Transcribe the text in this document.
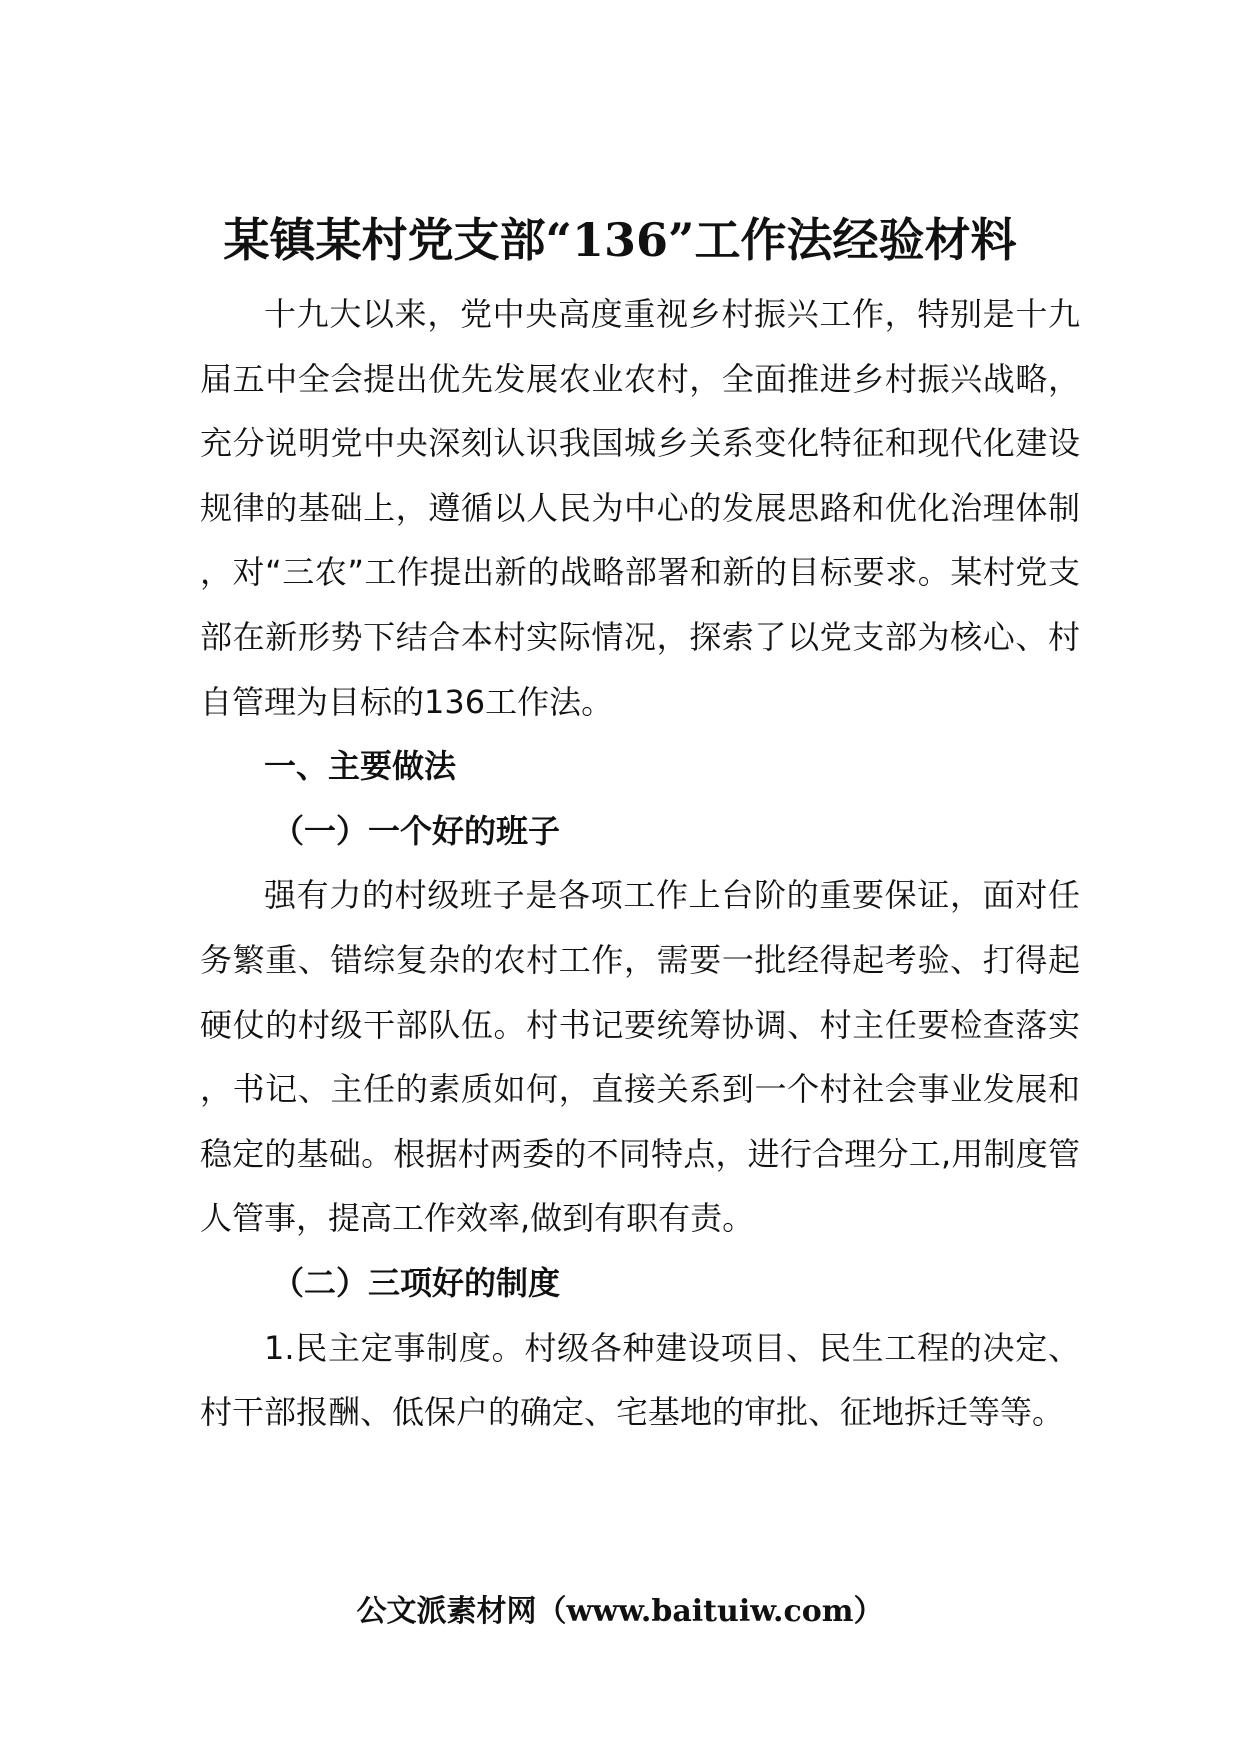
某镇某村党支部“136”工作法经验材料

十九大以来，党中央高度重视乡村振兴工作，特别是十九届五中全会提出优先发展农业农村，全面推进乡村振兴战略，充分说明党中央深刻认识我国城乡关系变化特征和现代化建设规律的基础上，遵循以人民为中心的发展思路和优化治理体制，对“三农”工作提出新的战略部署和新的目标要求。某村党支部在新形势下结合本村实际情况，探索了以党支部为核心、村自管理为目标的136工作法。

一、主要做法

（一）一个好的班子

强有力的村级班子是各项工作上台阶的重要保证，面对任务繁重、错综复杂的农村工作，需要一批经得起考验、打得起硬仗的村级干部队伍。村书记要统筹协调、村主任要检查落实，书记、主任的素质如何，直接关系到一个村社会事业发展和稳定的基础。根据村两委的不同特点，进行合理分工,用制度管人管事，提高工作效率,做到有职有责。

（二）三项好的制度

1.民主定事制度。村级各种建设项目、民生工程的决定、村干部报酬、低保户的确定、宅基地的审批、征地拆迁等等。

公文派素材网（www.baituiw.com）
